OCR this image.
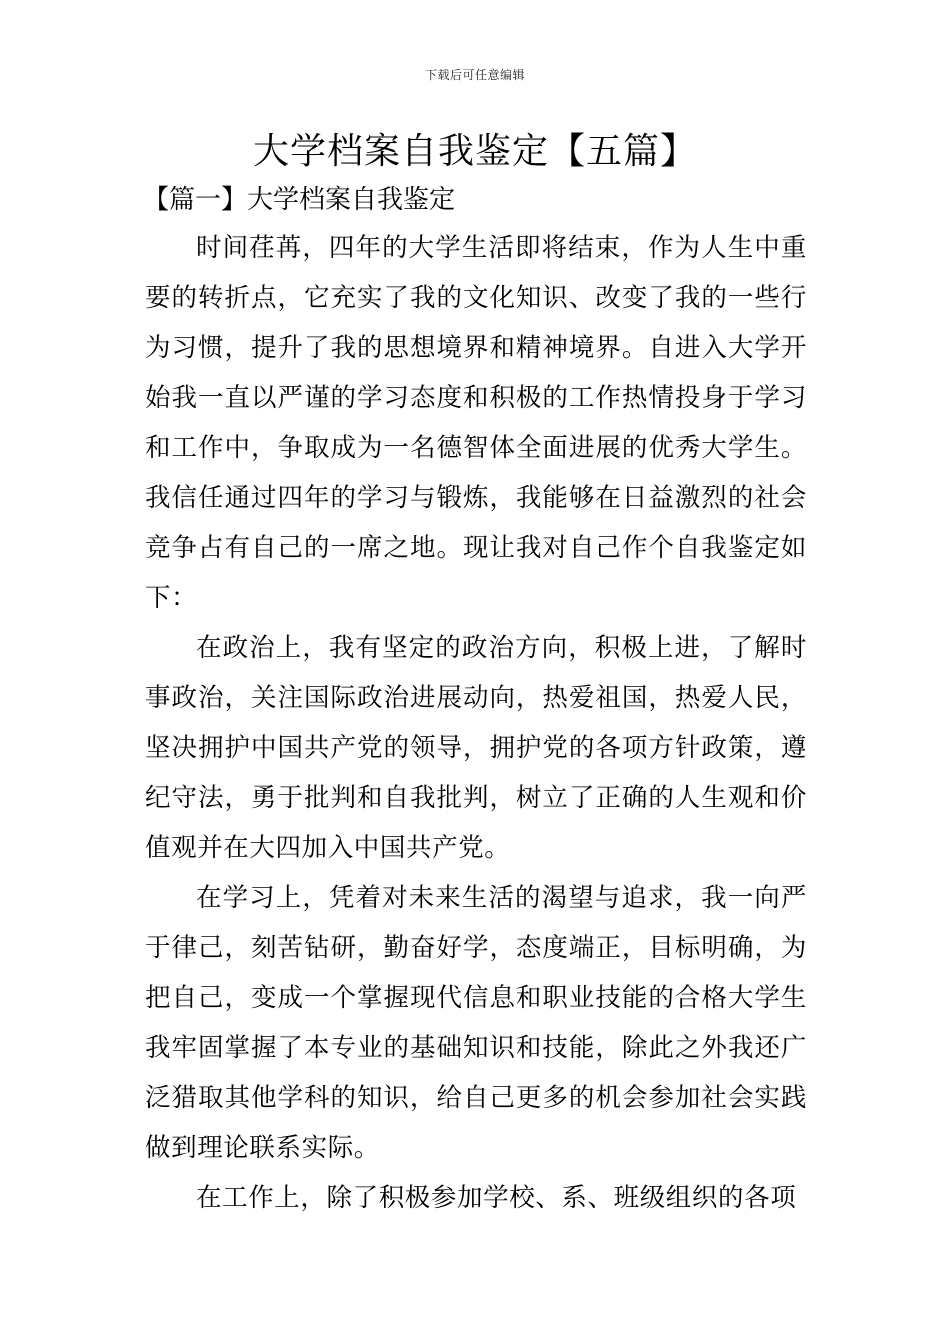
下载后可任意编辑
大学档案自我鉴定【五篇】
【篇一】大学档案自我鉴定

时间荏苒，四年的大学生活即将结束，作为人生中重要的转折点，它充实了我的文化知识、改变了我的一些行为习惯，提升了我的思想境界和精神境界。自进入大学开始我一直以严谨的学习态度和积极的工作热情投身于学习和工作中，争取成为一名德智体全面进展的优秀大学生。我信任通过四年的学习与锻炼，我能够在日益激烈的社会竞争占有自己的一席之地。现让我对自己作个自我鉴定如下：

在政治上，我有坚定的政治方向，积极上进，了解时事政治，关注国际政治进展动向，热爱祖国，热爱人民，坚决拥护中国共产党的领导，拥护党的各项方针政策，遵纪守法，勇于批判和自我批判，树立了正确的人生观和价值观并在大四加入中国共产党。

在学习上，凭着对未来生活的渴望与追求，我一向严于律己，刻苦钻研，勤奋好学，态度端正，目标明确，为把自己，变成一个掌握现代信息和职业技能的合格大学生我牢固掌握了本专业的基础知识和技能，除此之外我还广泛猎取其他学科的知识，给自己更多的机会参加社会实践做到理论联系实际。

在工作上，除了积极参加学校、系、班级组织的各项
